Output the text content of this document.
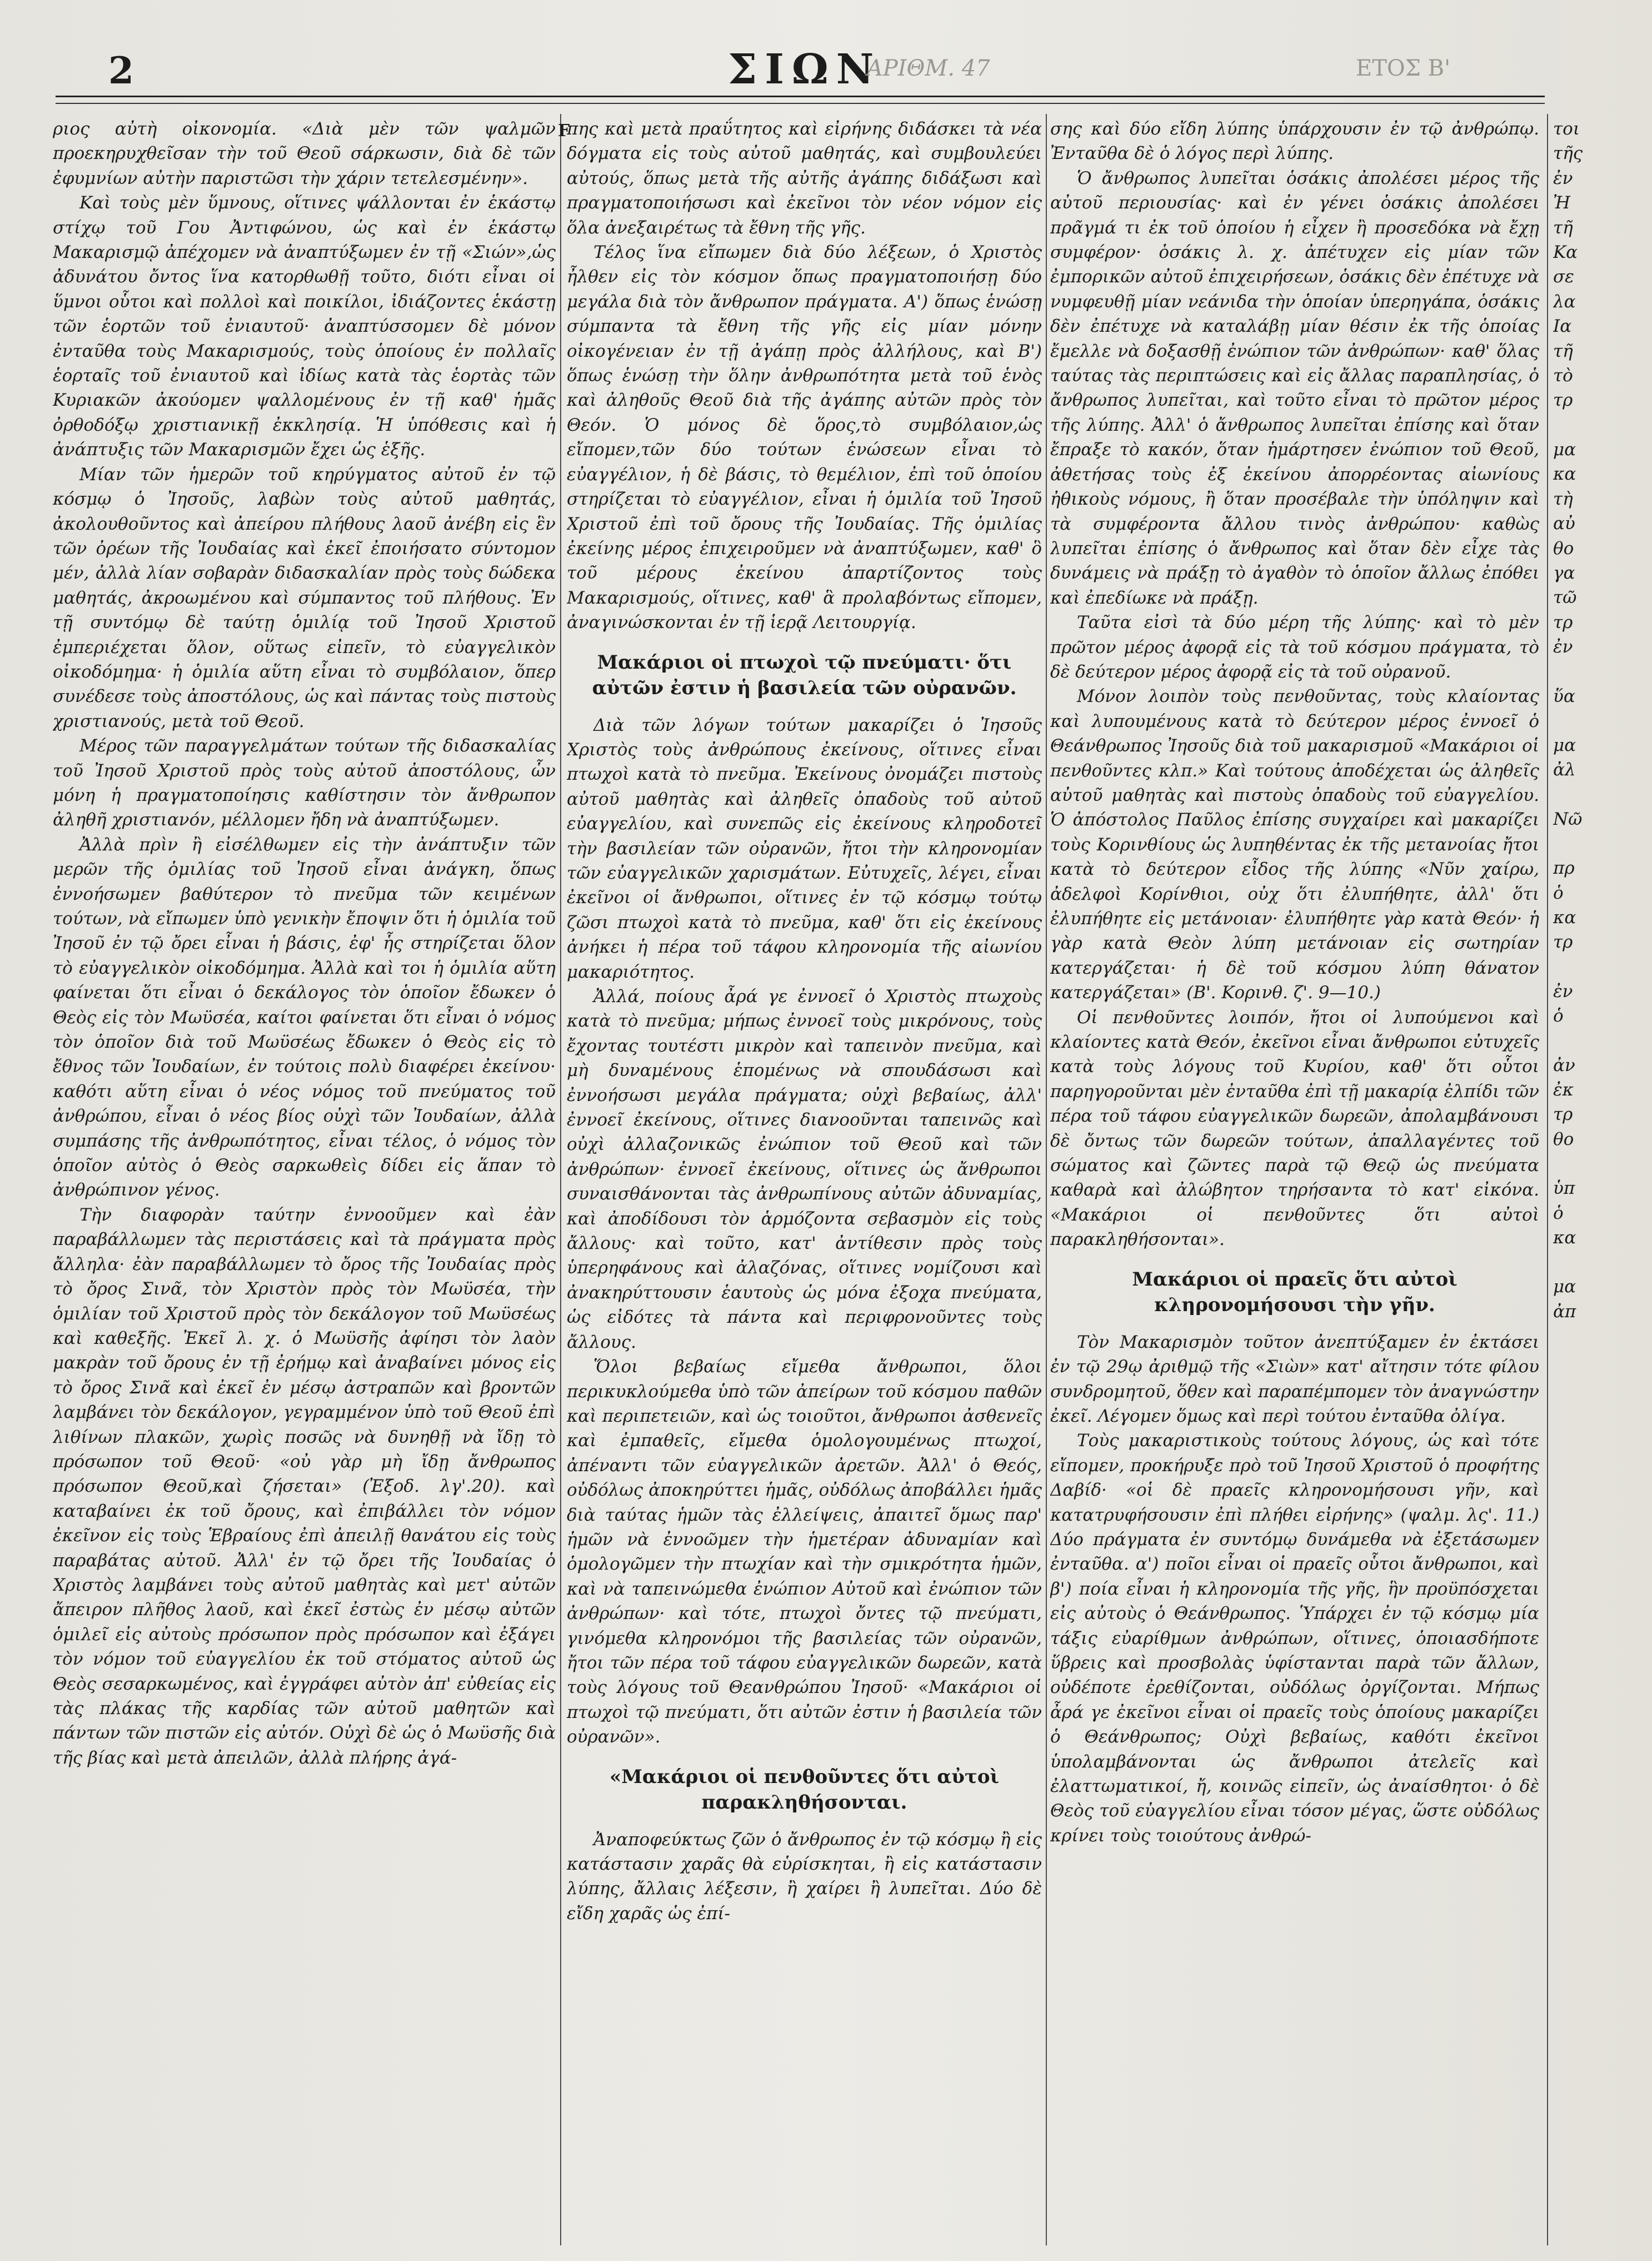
2	ΣΙΩΝ
ΑΡΙΘΜ. 47	ΕΤΟΣ Β'

ριος αὐτὴ οἰκονομία. «Διὰ μὲν τῶν ψαλμῶν προεκηρυχθεῖσαν τὴν τοῦ Θεοῦ σάρκωσιν, διὰ δὲ τῶν ἐφυμνίων αὐτὴν παριστῶσι τὴν χάριν τετελεσμένην».

Καὶ τοὺς μὲν ὕμνους, οἵτινες ψάλλονται ἐν ἑκάστῳ στίχῳ τοῦ Γου Ἀντιφώνου, ὡς καὶ ἐν ἑκάστῳ Μακαρισμῷ ἀπέχομεν νὰ ἀναπτύξωμεν ἐν τῇ «Σιών»,ὡς ἀδυνάτου ὄντος ἵνα κατορθωθῇ τοῦτο, διότι εἶναι οἱ ὕμνοι οὗτοι καὶ πολλοὶ καὶ ποικίλοι, ἰδιάζοντες ἑκάστῃ τῶν ἑορτῶν τοῦ ἐνιαυτοῦ· ἀναπτύσσομεν δὲ μόνον ἐνταῦθα τοὺς Μακαρισμούς, τοὺς ὁποίους ἐν πολλαῖς ἑορταῖς τοῦ ἐνιαυτοῦ καὶ ἰδίως κατὰ τὰς ἑορτὰς τῶν Κυριακῶν ἀκούομεν ψαλλομένους ἐν τῇ καθ' ἡμᾶς ὀρθοδόξῳ χριστιανικῇ ἐκκλησίᾳ. Ἡ ὑπόθεσις καὶ ἡ ἀνάπτυξις τῶν Μακαρισμῶν ἔχει ὡς ἑξῆς.

Μίαν τῶν ἡμερῶν τοῦ κηρύγματος αὐτοῦ ἐν τῷ κόσμῳ ὁ Ἰησοῦς, λαβὼν τοὺς αὐτοῦ μαθητάς, ἀκολουθοῦντος καὶ ἀπείρου πλήθους λαοῦ ἀνέβη εἰς ἓν τῶν ὀρέων τῆς Ἰουδαίας καὶ ἐκεῖ ἐποιήσατο σύντομον μέν, ἀλλὰ λίαν σοβαρὰν διδασκαλίαν πρὸς τοὺς δώδεκα μαθητάς, ἀκροωμένου καὶ σύμπαντος τοῦ πλήθους. Ἐν τῇ συντόμῳ δὲ ταύτῃ ὁμιλίᾳ τοῦ Ἰησοῦ Χριστοῦ ἐμπεριέχεται ὅλον, οὕτως εἰπεῖν, τὸ εὐαγγελικὸν οἰκοδόμημα· ἡ ὁμιλία αὕτη εἶναι τὸ συμβόλαιον, ὅπερ συνέδεσε τοὺς ἀποστόλους, ὡς καὶ πάντας τοὺς πιστοὺς χριστιανούς, μετὰ τοῦ Θεοῦ.

Μέρος τῶν παραγγελμάτων τούτων τῆς διδασκαλίας τοῦ Ἰησοῦ Χριστοῦ πρὸς τοὺς αὐτοῦ ἀποστόλους, ὧν μόνη ἡ πραγματοποίησις καθίστησιν τὸν ἄνθρωπον ἀληθῆ χριστιανόν, μέλλομεν ἤδη νὰ ἀναπτύξωμεν.

Ἀλλὰ πρὶν ἢ εἰσέλθωμεν εἰς τὴν ἀνάπτυξιν τῶν μερῶν τῆς ὁμιλίας τοῦ Ἰησοῦ εἶναι ἀνάγκη, ὅπως ἐννοήσωμεν βαθύτερον τὸ πνεῦμα τῶν κειμένων τούτων, νὰ εἴπωμεν ὑπὸ γενικὴν ἔποψιν ὅτι ἡ ὁμιλία τοῦ Ἰησοῦ ἐν τῷ ὄρει εἶναι ἡ βάσις, ἐφ' ἧς στηρίζεται ὅλον τὸ εὐαγγελικὸν οἰκοδόμημα. Ἀλλὰ καὶ τοι ἡ ὁμιλία αὕτη φαίνεται ὅτι εἶναι ὁ δεκάλογος τὸν ὁποῖον ἔδωκεν ὁ Θεὸς εἰς τὸν Μωϋσέα, καίτοι φαίνεται ὅτι εἶναι ὁ νόμος τὸν ὁποῖον διὰ τοῦ Μωϋσέως ἔδωκεν ὁ Θεὸς εἰς τὸ ἔθνος τῶν Ἰουδαίων, ἐν τούτοις πολὺ διαφέρει ἐκείνου· καθότι αὕτη εἶναι ὁ νέος νόμος τοῦ πνεύματος τοῦ ἀνθρώπου, εἶναι ὁ νέος βίος οὐχὶ τῶν Ἰουδαίων, ἀλλὰ συμπάσης τῆς ἀνθρωπότητος, εἶναι τέλος, ὁ νόμος τὸν ὁποῖον αὐτὸς ὁ Θεὸς σαρκωθεὶς δίδει εἰς ἅπαν τὸ ἀνθρώπινον γένος.

Τὴν διαφορὰν ταύτην ἐννοοῦμεν καὶ ἐὰν παραβάλλωμεν τὰς περιστάσεις καὶ τὰ πράγματα πρὸς ἄλληλα· ἐὰν παραβάλλωμεν τὸ ὄρος τῆς Ἰουδαίας πρὸς τὸ ὄρος Σινᾶ, τὸν Χριστὸν πρὸς τὸν Μωϋσέα, τὴν ὁμιλίαν τοῦ Χριστοῦ πρὸς τὸν δεκάλογον τοῦ Μωϋσέως καὶ καθεξῆς. Ἐκεῖ λ. χ. ὁ Μωϋσῆς ἀφίησι τὸν λαὸν μακρὰν τοῦ ὄρους ἐν τῇ ἐρήμῳ καὶ ἀναβαίνει μόνος εἰς τὸ ὄρος Σινᾶ καὶ ἐκεῖ ἐν μέσῳ ἀστραπῶν καὶ βροντῶν λαμβάνει τὸν δεκάλογον, γεγραμμένον ὑπὸ τοῦ Θεοῦ ἐπὶ λιθίνων πλακῶν, χωρὶς ποσῶς νὰ δυνηθῇ νὰ ἴδῃ τὸ πρόσωπον τοῦ Θεοῦ· «οὐ γὰρ μὴ ἴδῃ ἄνθρωπος πρόσωπον Θεοῦ,καὶ ζήσεται» (Ἐξοδ. λγ'.20). καὶ καταβαίνει ἐκ τοῦ ὄρους, καὶ ἐπιβάλλει τὸν νόμον ἐκεῖνον εἰς τοὺς Ἑβραίους ἐπὶ ἀπειλῇ θανάτου εἰς τοὺς παραβάτας αὐτοῦ. Ἀλλ' ἐν τῷ ὄρει τῆς Ἰουδαίας ὁ Χριστὸς λαμβάνει τοὺς αὐτοῦ μαθητὰς καὶ μετ' αὐτῶν ἄπειρον πλῆθος λαοῦ, καὶ ἐκεῖ ἐστὼς ἐν μέσῳ αὐτῶν ὁμιλεῖ εἰς αὐτοὺς πρόσωπον πρὸς πρόσωπον καὶ ἐξάγει τὸν νόμον τοῦ εὐαγγελίου ἐκ τοῦ στόματος αὐτοῦ ὡς Θεὸς σεσαρκωμένος, καὶ ἐγγράφει αὐτὸν ἀπ' εὐθείας εἰς τὰς πλάκας τῆς καρδίας τῶν αὐτοῦ μαθητῶν καὶ πάντων τῶν πιστῶν εἰς αὐτόν. Οὐχὶ δὲ ὡς ὁ Μωϋσῆς διὰ τῆς βίας καὶ μετὰ ἀπειλῶν, ἀλλὰ πλήρης ἀγά-

F

πης καὶ μετὰ πραΰτητος καὶ εἰρήνης διδάσκει τὰ νέα δόγματα εἰς τοὺς αὐτοῦ μαθητάς, καὶ συμβουλεύει αὐτούς, ὅπως μετὰ τῆς αὐτῆς ἀγάπης διδάξωσι καὶ πραγματοποιήσωσι καὶ ἐκεῖνοι τὸν νέον νόμον εἰς ὅλα ἀνεξαιρέτως τὰ ἔθνη τῆς γῆς.

Τέλος ἵνα εἴπωμεν διὰ δύο λέξεων, ὁ Χριστὸς ἦλθεν εἰς τὸν κόσμον ὅπως πραγματοποιήσῃ δύο μεγάλα διὰ τὸν ἄνθρωπον πράγματα. Α') ὅπως ἑνώσῃ σύμπαντα τὰ ἔθνη τῆς γῆς εἰς μίαν μόνην οἰκογένειαν ἐν τῇ ἀγάπῃ πρὸς ἀλλήλους, καὶ Β') ὅπως ἑνώσῃ τὴν ὅλην ἀνθρωπότητα μετὰ τοῦ ἑνὸς καὶ ἀληθοῦς Θεοῦ διὰ τῆς ἀγάπης αὐτῶν πρὸς τὸν Θεόν. Ὁ μόνος δὲ ὅρος,τὸ συμβόλαιον,ὡς εἴπομεν,τῶν δύο τούτων ἑνώσεων εἶναι τὸ εὐαγγέλιον, ἡ δὲ βάσις, τὸ θεμέλιον, ἐπὶ τοῦ ὁποίου στηρίζεται τὸ εὐαγγέλιον, εἶναι ἡ ὁμιλία τοῦ Ἰησοῦ Χριστοῦ ἐπὶ τοῦ ὄρους τῆς Ἰουδαίας. Τῆς ὁμιλίας ἐκείνης μέρος ἐπιχειροῦμεν νὰ ἀναπτύξωμεν, καθ' ὃ τοῦ μέρους ἐκείνου ἀπαρτίζοντος τοὺς Μακαρισμούς, οἵτινες, καθ' ἃ προλαβόντως εἴπομεν, ἀναγινώσκονται ἐν τῇ ἱερᾷ Λειτουργίᾳ.

Μακάριοι οἱ πτωχοὶ τῷ πνεύματι· ὅτι αὐτῶν ἐστιν ἡ βασιλεία τῶν οὐρανῶν.

Διὰ τῶν λόγων τούτων μακαρίζει ὁ Ἰησοῦς Χριστὸς τοὺς ἀνθρώπους ἐκείνους, οἵτινες εἶναι πτωχοὶ κατὰ τὸ πνεῦμα. Ἐκείνους ὀνομάζει πιστοὺς αὐτοῦ μαθητὰς καὶ ἀληθεῖς ὀπαδοὺς τοῦ αὐτοῦ εὐαγγελίου, καὶ συνεπῶς εἰς ἐκείνους κληροδοτεῖ τὴν βασιλείαν τῶν οὐρανῶν, ἤτοι τὴν κληρονομίαν τῶν εὐαγγελικῶν χαρισμάτων. Εὐτυχεῖς, λέγει, εἶναι ἐκεῖνοι οἱ ἄνθρωποι, οἵτινες ἐν τῷ κόσμῳ τούτῳ ζῶσι πτωχοὶ κατὰ τὸ πνεῦμα, καθ' ὅτι εἰς ἐκείνους ἀνήκει ἡ πέρα τοῦ τάφου κληρονομία τῆς αἰωνίου μακαριότητος.

Ἀλλά, ποίους ἆρά γε ἐννοεῖ ὁ Χριστὸς πτωχοὺς κατὰ τὸ πνεῦμα; μήπως ἐννοεῖ τοὺς μικρόνους, τοὺς ἔχοντας τουτέστι μικρὸν καὶ ταπεινὸν πνεῦμα, καὶ μὴ δυναμένους ἑπομένως νὰ σπουδάσωσι καὶ ἐννοήσωσι μεγάλα πράγματα; οὐχὶ βεβαίως, ἀλλ' ἐννοεῖ ἐκείνους, οἵτινες διανοοῦνται ταπεινῶς καὶ οὐχὶ ἀλλαζονικῶς ἐνώπιον τοῦ Θεοῦ καὶ τῶν ἀνθρώπων· ἐννοεῖ ἐκείνους, οἵτινες ὡς ἄνθρωποι συναισθάνονται τὰς ἀνθρωπίνους αὐτῶν ἀδυναμίας, καὶ ἀποδίδουσι τὸν ἁρμόζοντα σεβασμὸν εἰς τοὺς ἄλλους· καὶ τοῦτο, κατ' ἀντίθεσιν πρὸς τοὺς ὑπερηφάνους καὶ ἀλαζόνας, οἵτινες νομίζουσι καὶ ἀνακηρύττουσιν ἑαυτοὺς ὡς μόνα ἐξοχα πνεύματα, ὡς εἰδότες τὰ πάντα καὶ περιφρονοῦντες τοὺς ἄλλους.

Ὅλοι βεβαίως εἴμεθα ἄνθρωποι, ὅλοι περικυκλούμεθα ὑπὸ τῶν ἀπείρων τοῦ κόσμου παθῶν καὶ περιπετειῶν, καὶ ὡς τοιοῦτοι, ἄνθρωποι ἀσθενεῖς καὶ ἐμπαθεῖς, εἴμεθα ὁμολογουμένως πτωχοί, ἀπέναντι τῶν εὐαγγελικῶν ἀρετῶν. Ἀλλ' ὁ Θεός, οὐδόλως ἀποκηρύττει ἡμᾶς, οὐδόλως ἀποβάλλει ἡμᾶς διὰ ταύτας ἡμῶν τὰς ἐλλείψεις, ἀπαιτεῖ ὅμως παρ' ἡμῶν νὰ ἐννοῶμεν τὴν ἡμετέραν ἀδυναμίαν καὶ ὁμολογῶμεν τὴν πτωχίαν καὶ τὴν σμικρότητα ἡμῶν, καὶ νὰ ταπεινώμεθα ἐνώπιον Αὐτοῦ καὶ ἐνώπιον τῶν ἀνθρώπων· καὶ τότε, πτωχοὶ ὄντες τῷ πνεύματι, γινόμεθα κληρονόμοι τῆς βασιλείας τῶν οὐρανῶν, ἤτοι τῶν πέρα τοῦ τάφου εὐαγγελικῶν δωρεῶν, κατὰ τοὺς λόγους τοῦ Θεανθρώπου Ἰησοῦ· «Μακάριοι οἱ πτωχοὶ τῷ πνεύματι, ὅτι αὐτῶν ἐστιν ἡ βασιλεία τῶν οὐρανῶν».

«Μακάριοι οἱ πενθοῦντες ὅτι αὐτοὶ παρακληθήσονται.

Ἀναποφεύκτως ζῶν ὁ ἄνθρωπος ἐν τῷ κόσμῳ ἢ εἰς κατάστασιν χαρᾶς θὰ εὑρίσκηται, ἢ εἰς κατάστασιν λύπης, ἄλλαις λέξεσιν, ἢ χαίρει ἢ λυπεῖται. Δύο δὲ εἴδη χαρᾶς ὡς ἐπί-

σης καὶ δύο εἴδη λύπης ὑπάρχουσιν ἐν τῷ ἀνθρώπῳ. Ἐνταῦθα δὲ ὁ λόγος περὶ λύπης.

Ὁ ἄνθρωπος λυπεῖται ὁσάκις ἀπολέσει μέρος τῆς αὐτοῦ περιουσίας· καὶ ἐν γένει ὁσάκις ἀπολέσει πρᾶγμά τι ἐκ τοῦ ὁποίου ἡ εἶχεν ἢ προσεδόκα νὰ ἔχῃ συμφέρον· ὁσάκις λ. χ. ἀπέτυχεν εἰς μίαν τῶν ἐμπορικῶν αὐτοῦ ἐπιχειρήσεων, ὁσάκις δὲν ἐπέτυχε νὰ νυμφευθῇ μίαν νεάνιδα τὴν ὁποίαν ὑπερηγάπα, ὁσάκις δὲν ἐπέτυχε νὰ καταλάβῃ μίαν θέσιν ἐκ τῆς ὁποίας ἔμελλε νὰ δοξασθῇ ἐνώπιον τῶν ἀνθρώπων· καθ' ὅλας ταύτας τὰς περιπτώσεις καὶ εἰς ἄλλας παραπλησίας, ὁ ἄνθρωπος λυπεῖται, καὶ τοῦτο εἶναι τὸ πρῶτον μέρος τῆς λύπης. Ἀλλ' ὁ ἄνθρωπος λυπεῖται ἐπίσης καὶ ὅταν ἔπραξε τὸ κακόν, ὅταν ἡμάρτησεν ἐνώπιον τοῦ Θεοῦ, ἀθετήσας τοὺς ἐξ ἐκείνου ἀπορρέοντας αἰωνίους ἠθικοὺς νόμους, ἢ ὅταν προσέβαλε τὴν ὑπόληψιν καὶ τὰ συμφέροντα ἄλλου τινὸς ἀνθρώπου· καθὼς λυπεῖται ἐπίσης ὁ ἄνθρωπος καὶ ὅταν δὲν εἶχε τὰς δυνάμεις νὰ πράξῃ τὸ ἀγαθὸν τὸ ὁποῖον ἄλλως ἐπόθει καὶ ἐπεδίωκε νὰ πράξῃ.

Ταῦτα εἰσὶ τὰ δύο μέρη τῆς λύπης· καὶ τὸ μὲν πρῶτον μέρος ἀφορᾷ εἰς τὰ τοῦ κόσμου πράγματα, τὸ δὲ δεύτερον μέρος ἀφορᾷ εἰς τὰ τοῦ οὐρανοῦ.

Μόνον λοιπὸν τοὺς πενθοῦντας, τοὺς κλαίοντας καὶ λυπουμένους κατὰ τὸ δεύτερον μέρος ἐννοεῖ ὁ Θεάνθρωπος Ἰησοῦς διὰ τοῦ μακαρισμοῦ «Μακάριοι οἱ πενθοῦντες κλπ.» Καὶ τούτους ἀποδέχεται ὡς ἀληθεῖς αὐτοῦ μαθητὰς καὶ πιστοὺς ὀπαδοὺς τοῦ εὐαγγελίου. Ὁ ἀπόστολος Παῦλος ἐπίσης συγχαίρει καὶ μακαρίζει τοὺς Κορινθίους ὡς λυπηθέντας ἐκ τῆς μετανοίας ἤτοι κατὰ τὸ δεύτερον εἶδος τῆς λύπης «Νῦν χαίρω, ἀδελφοὶ Κορίνθιοι, οὐχ ὅτι ἐλυπήθητε, ἀλλ' ὅτι ἐλυπήθητε εἰς μετάνοιαν· ἐλυπήθητε γὰρ κατὰ Θεόν· ἡ γὰρ κατὰ Θεὸν λύπη μετάνοιαν εἰς σωτηρίαν κατεργάζεται· ἡ δὲ τοῦ κόσμου λύπη θάνατον κατεργάζεται» (Β'. Κορινθ. ζ'. 9—10.)

Οἱ πενθοῦντες λοιπόν, ἤτοι οἱ λυπούμενοι καὶ κλαίοντες κατὰ Θεόν, ἐκεῖνοι εἶναι ἄνθρωποι εὐτυχεῖς κατὰ τοὺς λόγους τοῦ Κυρίου, καθ' ὅτι οὗτοι παρηγοροῦνται μὲν ἐνταῦθα ἐπὶ τῇ μακαρίᾳ ἐλπίδι τῶν πέρα τοῦ τάφου εὐαγγελικῶν δωρεῶν, ἀπολαμβάνουσι δὲ ὄντως τῶν δωρεῶν τούτων, ἀπαλλαγέντες τοῦ σώματος καὶ ζῶντες παρὰ τῷ Θεῷ ὡς πνεύματα καθαρὰ καὶ ἀλώβητον τηρήσαντα τὸ κατ' εἰκόνα. «Μακάριοι οἱ πενθοῦντες ὅτι αὐτοὶ παρακληθήσονται».

Μακάριοι οἱ πραεῖς ὅτι αὐτοὶ κληρονομήσουσι τὴν γῆν.

Τὸν Μακαρισμὸν τοῦτον ἀνεπτύξαμεν ἐν ἐκτάσει ἐν τῷ 29ῳ ἀριθμῷ τῆς «Σιὼν» κατ' αἴτησιν τότε φίλου συνδρομητοῦ, ὅθεν καὶ παραπέμπομεν τὸν ἀναγνώστην ἐκεῖ. Λέγομεν ὅμως καὶ περὶ τούτου ἐνταῦθα ὀλίγα.

Τοὺς μακαριστικοὺς τούτους λόγους, ὡς καὶ τότε εἴπομεν, προκήρυξε πρὸ τοῦ Ἰησοῦ Χριστοῦ ὁ προφήτης Δαβίδ· «οἱ δὲ πραεῖς κληρονομήσουσι γῆν, καὶ κατατρυφήσουσιν ἐπὶ πλήθει εἰρήνης» (ψαλμ. λς'. 11.) Δύο πράγματα ἐν συντόμῳ δυνάμεθα νὰ ἐξετάσωμεν ἐνταῦθα. α') ποῖοι εἶναι οἱ πραεῖς οὗτοι ἄνθρωποι, καὶ β') ποία εἶναι ἡ κληρονομία τῆς γῆς, ἣν προϋπόσχεται εἰς αὐτοὺς ὁ Θεάνθρωπος. Ὑπάρχει ἐν τῷ κόσμῳ μία τάξις εὐαρίθμων ἀνθρώπων, οἵτινες, ὁποιασδήποτε ὕβρεις καὶ προσβολὰς ὑφίστανται παρὰ τῶν ἄλλων, οὐδέποτε ἐρεθίζονται, οὐδόλως ὀργίζονται. Μήπως ἆρά γε ἐκεῖνοι εἶναι οἱ πραεῖς τοὺς ὁποίους μακαρίζει ὁ Θεάνθρωπος; Οὐχὶ βεβαίως, καθότι ἐκεῖνοι ὑπολαμβάνονται ὡς ἄνθρωποι ἀτελεῖς καὶ ἐλαττωματικοί, ἤ, κοινῶς εἰπεῖν, ὡς ἀναίσθητοι· ὁ δὲ Θεὸς τοῦ εὐαγγελίου εἶναι τόσον μέγας, ὥστε οὐδόλως κρίνει τοὺς τοιούτους ἀνθρώ-

τοι
τῆς
ἐν
Ἠ
τῆ
Κα
σε
λα
Ια
τῆ
τὸ
τρ
μα
κα
τὴ
αὐ
θο
γα
τῶ
τρ
ἐν
ὕα
μα
ἀλ
Νῶ
πρ
ὁ
κα
τρ
ἐν
ὁ
ἀν
ἐκ
τρ
θο
ὑπ
ὁ
κα
μα
ἀπ
